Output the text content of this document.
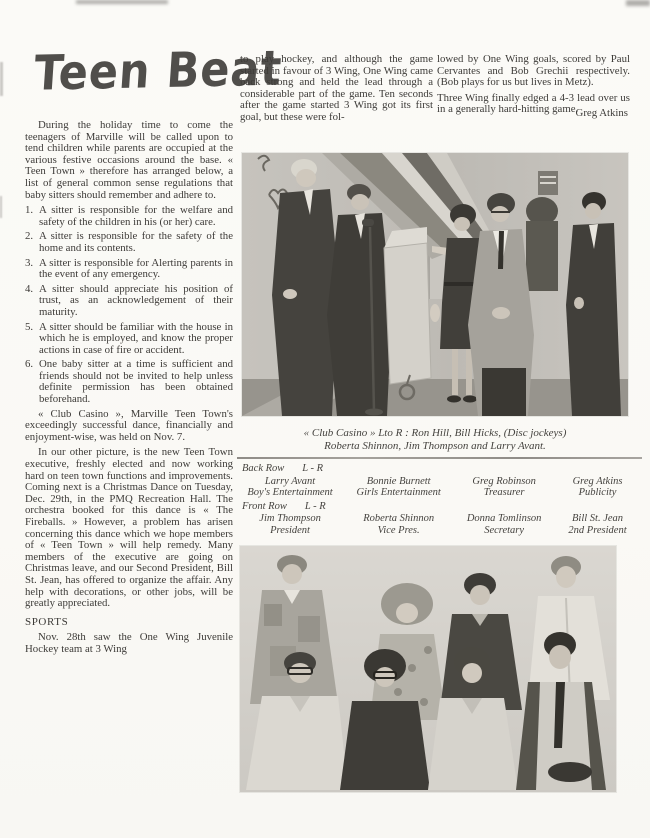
Teen Beat

During the holiday time to come the teenagers of Marville will be called upon to tend children while parents are occupied at the various festive occasions around the base. « Teen Town » therefore has arranged below, a list of general common sense regulations that baby sitters should remember and adhere to.

1. A sitter is responsible for the welfare and safety of the children in his (or her) care.
2. A sitter is responsible for the safety of the home and its contents.
3. A sitter is responsible for Alerting parents in the event of any emergency.
4. A sitter should appreciate his position of trust, as an acknowledgement of their maturity.
5. A sitter should be familiar with the house in which he is employed, and know the proper actions in case of fire or accident.
6. One baby sitter at a time is sufficient and friends should not be invited to help unless definite permission has been obtained beforehand.

« Club Casino », Marville Teen Town's exceedingly successful dance, financially and enjoyment-wise, was held on Nov. 7.

In our other picture, is the new Teen Town executive, freshly elected and now working hard on teen town functions and improvements. Coming next is a Christmas Dance on Tuesday, Dec. 29th, in the PMQ Recreation Hall. The orchestra booked for this dance is « The Fireballs. » However, a problem has arisen concerning this dance which we hope members of « Teen Town » will help remedy. Many members of the executive are going on Christmas leave, and our Second President, Bill St. Jean, has offered to organize the affair. Any help with decorations, or other jobs, will be greatly appreciated.

SPORTS

Nov. 28th saw the One Wing Juvenile Hockey team at 3 Wing

to play hockey, and although the game started in favour of 3 Wing, One Wing came back strong and held the lead through a considerable part of the game. Ten seconds after the game started 3 Wing got its first goal, but these were fol-

lowed by One Wing goals, scored by Paul Cervantes and Bob Grechii respectively. (Bob plays for us but lives in Metz).

Three Wing finally edged a 4-3 lead over us in a generally hard-hitting game.

Greg Atkins
« Club Casino » Lto R : Ron Hill, Bill Hicks, (Disc jockeys)
Roberta Shinnon, Jim Thompson and Larry Avant.
Back Row L - R
Larry Avant
Boy's Entertainment
Bonnie Burnett
Girls Entertainment
Greg Robinson
Treasurer
Greg Atkins
Publicity
Front Row L - R
Jim Thompson
President
Roberta Shinnon
Vice Pres.
Donna Tomlinson
Secretary
Bill St. Jean
2nd President
